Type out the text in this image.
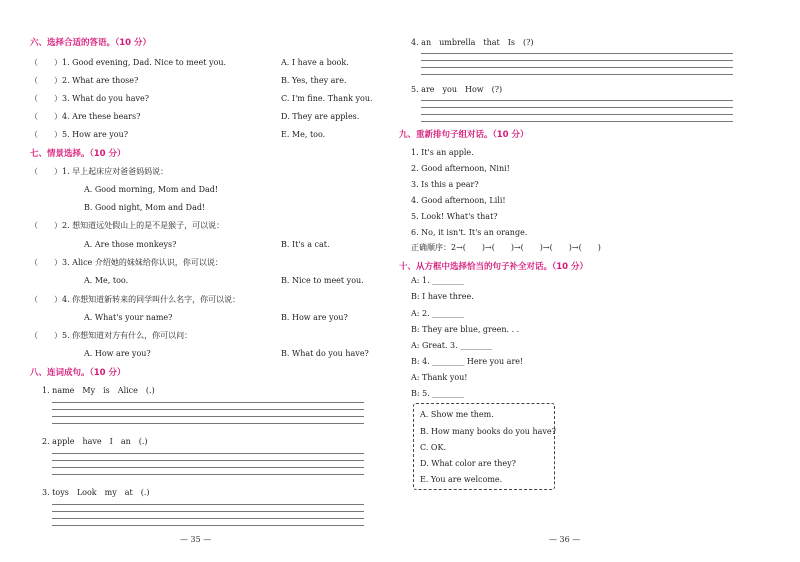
六、选择合适的答语。（10 分）
（　　）1. Good evening, Dad. Nice to meet you.	A. I have a book.
（　　）2. What are those?	B. Yes, they are.
（　　）3. What do you have?	C. I'm fine. Thank you.
（　　）4. Are these bears?	D. They are apples.
（　　）5. How are you?	E. Me, too.
七、情景选择。（10 分）
（　　）1. 早上起床应对爸爸妈妈说：
A. Good morning, Mom and Dad!
B. Good night, Mom and Dad!
（　　）2. 想知道远处假山上的是不是猴子，可以说：
A. Are those monkeys?	B. It's a cat.
（　　）3. Alice 介绍她的妹妹给你认识，你可以说：
A. Me, too.	B. Nice to meet you.
（　　）4. 你想知道新转来的同学叫什么名字，你可以说：
A. What's your name?	B. How are you?
（　　）5. 你想知道对方有什么，你可以问：
A. How are you?	B. What do you have?
八、连词成句。（10 分）
1. name　My　is　Alice　(.)
2. apple　have　I　an　(.)
3. toys　Look　my　at　(.)
— 35 —
4. an　umbrella　that　Is　(?)
5. are　you　How　(?)
九、重新排句子组对话。（10 分）
1. It's an apple.
2. Good afternoon, Nini!
3. Is this a pear?
4. Good afternoon, Lili!
5. Look! What's that?
6. No, it isn't. It's an orange.
正确顺序：2→(　　)→(　　)→(　　)→(　　)→(　　)
十、从方框中选择恰当的句子补全对话。（10 分）
A: 1. ________
B: I have three.
A: 2. ________
B: They are blue, green. . .
A: Great. 3. ________
B: 4. ________ Here you are!
A: Thank you!
B: 5. ________
A. Show me them.
B. How many books do you have?
C. OK.
D. What color are they?
E. You are welcome.
— 36 —
